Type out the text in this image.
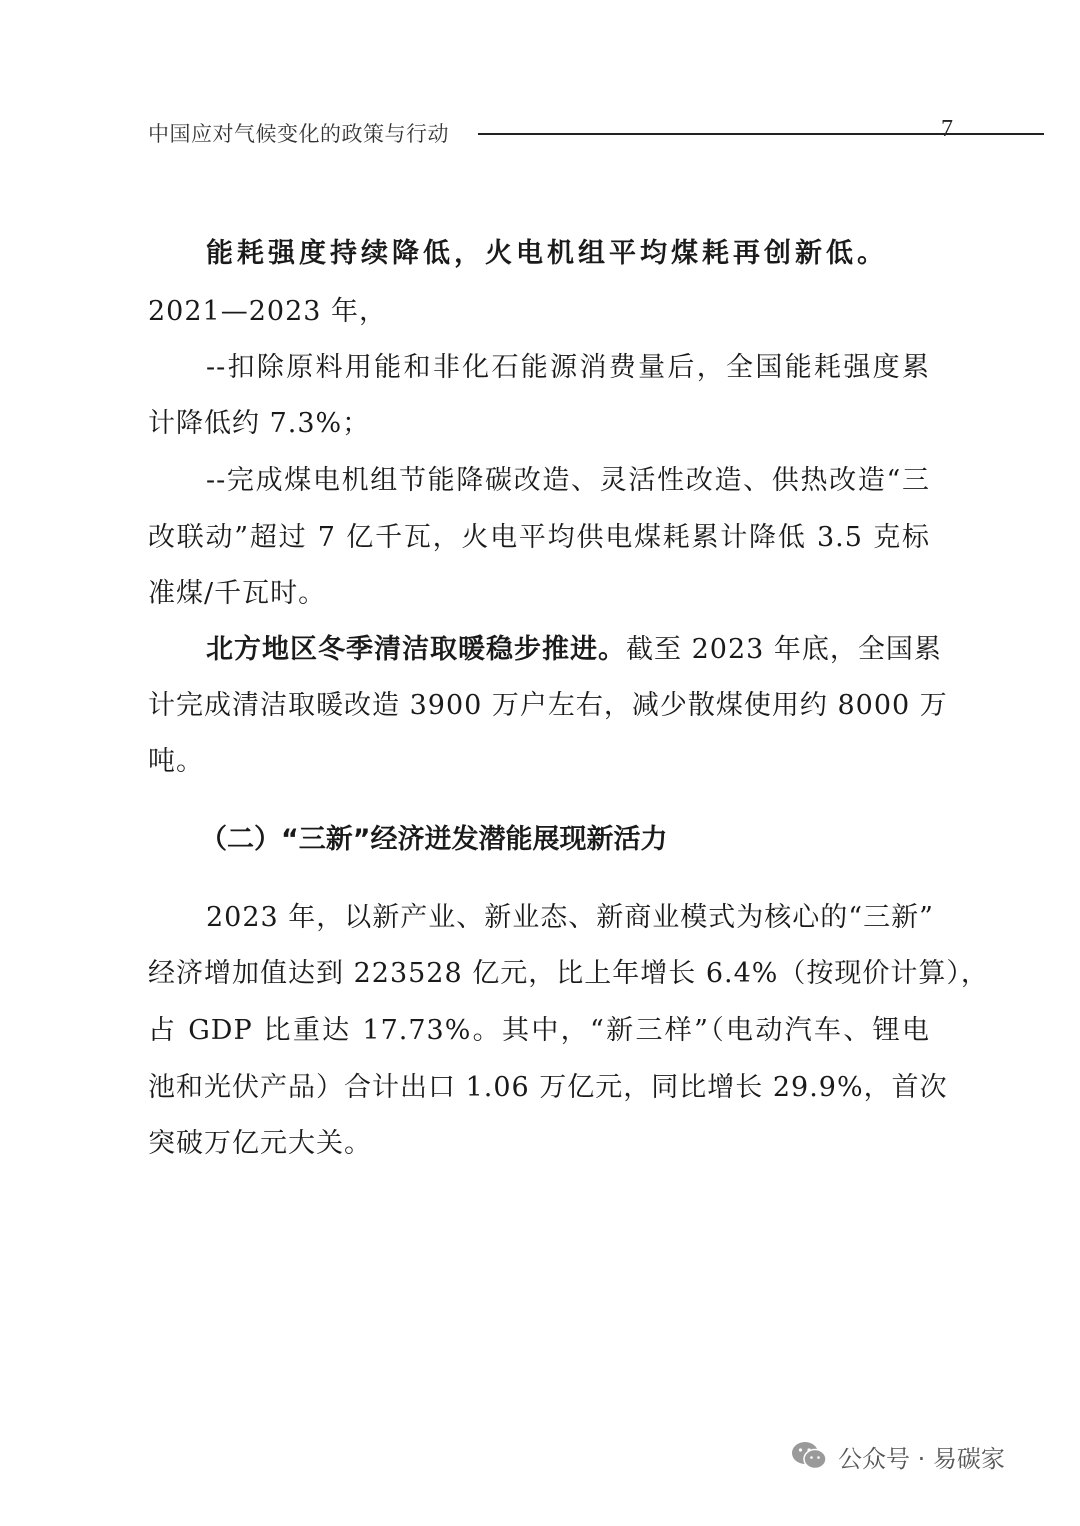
中国应对气候变化的政策与行动	7
能耗强度持续降低，火电机组平均煤耗再创新低。
2021—2023 年，
--扣除原料用能和非化石能源消费量后，全国能耗强度累
计降低约 7.3%；
--完成煤电机组节能降碳改造、灵活性改造、供热改造“三
改联动”超过 7 亿千瓦，火电平均供电煤耗累计降低 3.5 克标
准煤/千瓦时。
北方地区冬季清洁取暖稳步推进。截至 2023 年底，全国累
计完成清洁取暖改造 3900 万户左右，减少散煤使用约 8000 万
吨。
（二）“三新”经济迸发潜能展现新活力
2023 年，以新产业、新业态、新商业模式为核心的“三新”
经济增加值达到 223528 亿元，比上年增长 6.4%（按现价计算），
占 GDP 比重达 17.73%。其中，“新三样”（电动汽车、锂电
池和光伏产品）合计出口 1.06 万亿元，同比增长 29.9%，首次
突破万亿元大关。
公众号 · 易碳家
